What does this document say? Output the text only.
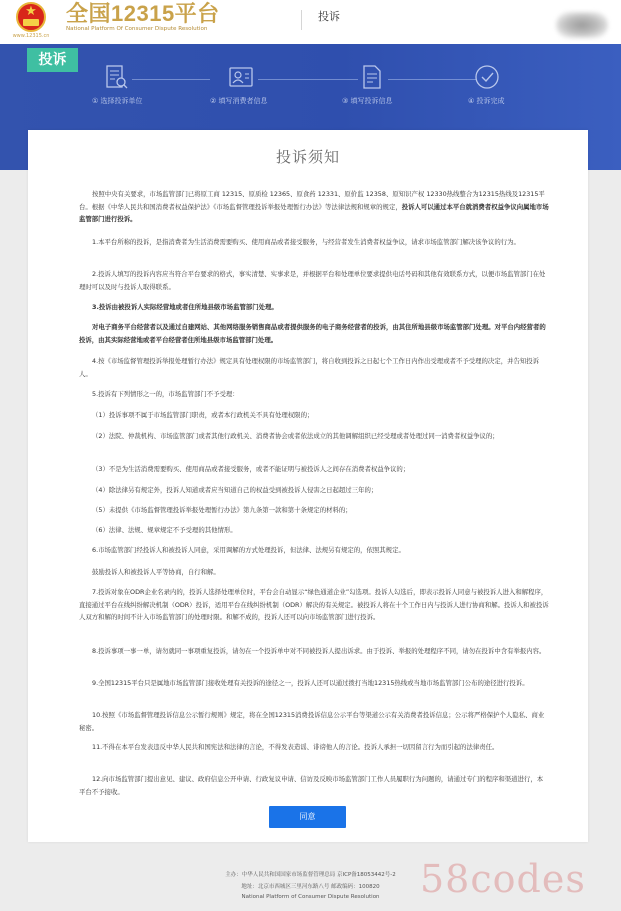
★
www.12315.cn
全国12315平台
National Platform Of Consumer Dispute Resolution
投诉
投诉
① 选择投诉单位	② 填写消费者信息	③ 填写投诉信息	④ 投诉完成
投诉须知
按照中央有关要求，市场监管部门已将原工商 12315、原质检 12365、原食药 12331、原价监 12358、原知识产权 12330热线整合为12315热线及12315平台。根据《中华人民共和国消费者权益保护法》《市场监督管理投诉举报处理暂行办法》等法律法规和规章的规定，投诉人可以通过本平台就消费者权益争议向属地市场监管部门进行投诉。
1.本平台所称的投诉，是指消费者为生活消费需要购买、使用商品或者接受服务，与经营者发生消费者权益争议，请求市场监管部门解决该争议的行为。
2.投诉人填写的投诉内容应当符合平台要求的格式，事实清楚、实事求是，并根据平台和处理单位要求提供电话号码和其他有效联系方式，以便市场监管部门在处理时可以及时与投诉人取得联系。
3.投诉由被投诉人实际经营地或者住所地县级市场监管部门处理。
对电子商务平台经营者以及通过自建网站、其他网络服务销售商品或者提供服务的电子商务经营者的投诉，由其住所地县级市场监管部门处理。对平台内经营者的投诉，由其实际经营地或者平台经营者住所地县级市场监管部门处理。
4.按《市场监督管理投诉举报处理暂行办法》规定具有处理权限的市场监管部门，将自收到投诉之日起七个工作日内作出受理或者不予受理的决定，并告知投诉人。
5.投诉有下列情形之一的，市场监管部门不予受理：
（1）投诉事项不属于市场监管部门职责，或者本行政机关不具有处理权限的；
（2）法院、仲裁机构、市场监管部门或者其他行政机关、消费者协会或者依法成立的其他调解组织已经受理或者处理过同一消费者权益争议的；
（3）不是为生活消费需要购买、使用商品或者接受服务，或者不能证明与被投诉人之间存在消费者权益争议的；
（4）除法律另有规定外，投诉人知道或者应当知道自己的权益受到被投诉人侵害之日起超过三年的；
（5）未提供《市场监督管理投诉举报处理暂行办法》第九条第一款和第十条规定的材料的；
（6）法律、法规、规章规定不予受理的其他情形。
6.市场监管部门经投诉人和被投诉人同意，采用调解的方式处理投诉，但法律、法规另有规定的，依照其规定。
鼓励投诉人和被投诉人平等协商，自行和解。
7.投诉对象在ODR企业名录内的，投诉人选择处理单位时，平台会自动显示“绿色通道企业”勾选项。投诉人勾选后，即表示投诉人同意与被投诉人进入和解程序，直接通过平台在线纠纷解决机制（ODR）投诉，适用平台在线纠纷机制（ODR）解决的有关规定。被投诉人将在十个工作日内与投诉人进行协商和解。投诉人和被投诉人双方和解的时间不计入市场监管部门的处理时限。和解不成的，投诉人还可以向市场监管部门进行投诉。
8.投诉事项一事一单，请勿就同一事项重复投诉，请勿在一个投诉单中对不同被投诉人提出诉求。由于投诉、举报的处理程序不同，请勿在投诉中含有举报内容。
9.全国12315平台只是属地市场监管部门接收处理有关投诉的途径之一，投诉人还可以通过拨打当地12315热线或当地市场监管部门公布的途径进行投诉。
10.按照《市场监督管理投诉信息公示暂行规则》规定，将在全国12315消费投诉信息公示平台等渠道公示有关消费者投诉信息；公示将严格保护个人隐私、商业秘密。
11.不得在本平台发表违反中华人民共和国宪法和法律的言论，不得发表造谣、诽谤他人的言论。投诉人承担一切因留言行为而引起的法律责任。
12.向市场监管部门提出意见、建议、政府信息公开申请、行政复议申请、信访及反映市场监管部门工作人员履职行为问题的，请通过专门的程序和渠道进行，本平台不予接收。
同意
主办：中华人民共和国国家市场监督管理总局 京ICP备18053442号-2
地址：北京市西城区三里河东路八号 邮政编码：100820
National Platform of Consumer Dispute Resolution	58codes
